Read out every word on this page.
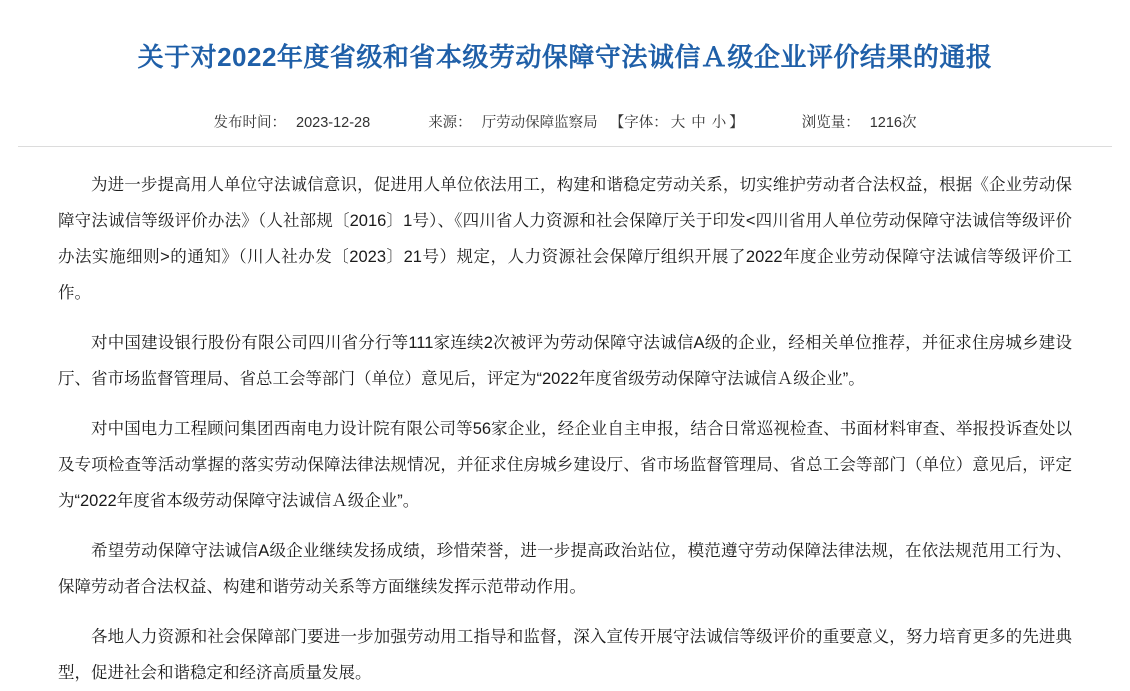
关于对2022年度省级和省本级劳动保障守法诚信Ａ级企业评价结果的通报
发布时间： 2023-12-28	来源： 厅劳动保障监察局 【字体： 大 中 小 】	浏览量： 1216次

为进一步提高用人单位守法诚信意识，促进用人单位依法用工，构建和谐稳定劳动关系，切实维护劳动者合法权益，根据《企业劳动保障守法诚信等级评价办法》（人社部规〔2016〕1号）、《四川省人力资源和社会保障厅关于印发<四川省用人单位劳动保障守法诚信等级评价办法实施细则>的通知》（川人社办发〔2023〕21号）规定，人力资源社会保障厅组织开展了2022年度企业劳动保障守法诚信等级评价工作。

对中国建设银行股份有限公司四川省分行等111家连续2次被评为劳动保障守法诚信A级的企业，经相关单位推荐，并征求住房城乡建设厅、省市场监督管理局、省总工会等部门（单位）意见后，评定为“2022年度省级劳动保障守法诚信Ａ级企业”。

对中国电力工程顾问集团西南电力设计院有限公司等56家企业，经企业自主申报，结合日常巡视检查、书面材料审查、举报投诉查处以及专项检查等活动掌握的落实劳动保障法律法规情况，并征求住房城乡建设厅、省市场监督管理局、省总工会等部门（单位）意见后，评定为“2022年度省本级劳动保障守法诚信Ａ级企业”。

希望劳动保障守法诚信A级企业继续发扬成绩，珍惜荣誉，进一步提高政治站位，模范遵守劳动保障法律法规，在依法规范用工行为、保障劳动者合法权益、构建和谐劳动关系等方面继续发挥示范带动作用。

各地人力资源和社会保障部门要进一步加强劳动用工指导和监督，深入宣传开展守法诚信等级评价的重要意义，努力培育更多的先进典型，促进社会和谐稳定和经济高质量发展。
